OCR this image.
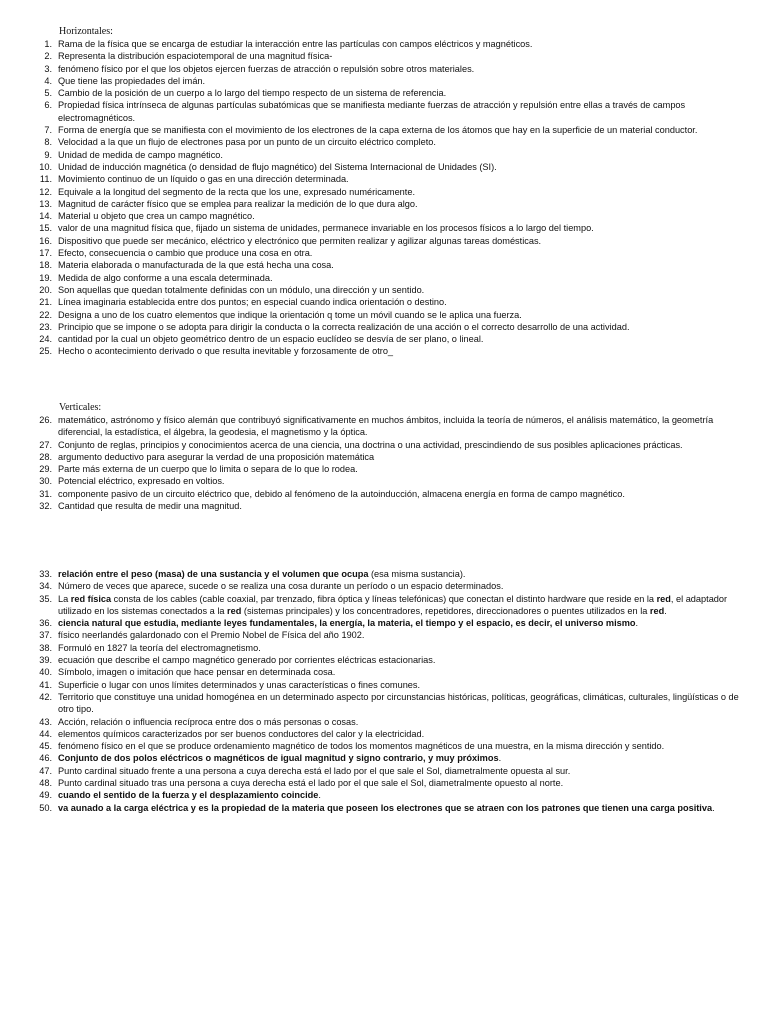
Horizontales:
1. Rama de la física que se encarga de estudiar la interacción entre las partículas con campos eléctricos y magnéticos.
2. Representa la distribución espaciotemporal de una magnitud física-
3. fenómeno físico por el que los objetos ejercen fuerzas de atracción o repulsión sobre otros materiales.
4. Que tiene las propiedades del imán.
5. Cambio de la posición de un cuerpo a lo largo del tiempo respecto de un sistema de referencia.
6. Propiedad física intrínseca de algunas partículas subatómicas que se manifiesta mediante fuerzas de atracción y repulsión entre ellas a través de campos electromagnéticos.
7. Forma de energía que se manifiesta con el movimiento de los electrones de la capa externa de los átomos que hay en la superficie de un material conductor.
8. Velocidad a la que un flujo de electrones pasa por un punto de un circuito eléctrico completo.
9. Unidad de medida de campo magnético.
10. Unidad de inducción magnética (o densidad de flujo magnético) del Sistema Internacional de Unidades (SI).
11. Movimiento continuo de un líquido o gas en una dirección determinada.
12. Equivale a la longitud del segmento de la recta que los une, expresado numéricamente.
13. Magnitud de carácter físico que se emplea para realizar la medición de lo que dura algo.
14. Material u objeto que crea un campo magnético.
15. valor de una magnitud física que, fijado un sistema de unidades, permanece invariable en los procesos físicos a lo largo del tiempo.
16. Dispositivo que puede ser mecánico, eléctrico y electrónico que permiten realizar y agilizar algunas tareas domésticas.
17. Efecto, consecuencia o cambio que produce una cosa en otra.
18. Materia elaborada o manufacturada de la que está hecha una cosa.
19. Medida de algo conforme a una escala determinada.
20. Son aquellas que quedan totalmente definidas con un módulo, una dirección y un sentido.
21. Línea imaginaria establecida entre dos puntos; en especial cuando indica orientación o destino.
22. Designa a uno de los cuatro elementos que indique la orientación q tome un móvil cuando se le aplica una fuerza.
23. Principio que se impone o se adopta para dirigir la conducta o la correcta realización de una acción o el correcto desarrollo de una actividad.
24. cantidad por la cual un objeto geométrico dentro de un espacio euclídeo se desvía de ser plano, o lineal.
25. Hecho o acontecimiento derivado o que resulta inevitable y forzosamente de otro_
Verticales:
26. matemático, astrónomo y físico alemán que contribuyó significativamente en muchos ámbitos, incluida la teoría de números, el análisis matemático, la geometría diferencial, la estadística, el álgebra, la geodesia, el magnetismo y la óptica.
27. Conjunto de reglas, principios y conocimientos acerca de una ciencia, una doctrina o una actividad, prescindiendo de sus posibles aplicaciones prácticas.
28. argumento deductivo para asegurar la verdad de una proposición matemática
29. Parte más externa de un cuerpo que lo limita o separa de lo que lo rodea.
30. Potencial eléctrico, expresado en voltios.
31. componente pasivo de un circuito eléctrico que, debido al fenómeno de la autoinducción, almacena energía en forma de campo magnético.
32. Cantidad que resulta de medir una magnitud.
33. relación entre el peso (masa) de una sustancia y el volumen que ocupa (esa misma sustancia).
34. Número de veces que aparece, sucede o se realiza una cosa durante un período o un espacio determinados.
35. La red física consta de los cables (cable coaxial, par trenzado, fibra óptica y líneas telefónicas) que conectan el distinto hardware que reside en la red, el adaptador utilizado en los sistemas conectados a la red (sistemas principales) y los concentradores, repetidores, direccionadores o puentes utilizados en la red.
36. ciencia natural que estudia, mediante leyes fundamentales, la energía, la materia, el tiempo y el espacio, es decir, el universo mismo.
37. físico neerlandés galardonado con el Premio Nobel de Física del año 1902.
38. Formuló en 1827 la teoría del electromagnetismo.
39. ecuación que describe el campo magnético generado por corrientes eléctricas estacionarias.
40. Símbolo, imagen o imitación que hace pensar en determinada cosa.
41. Superficie o lugar con unos límites determinados y unas características o fines comunes.
42. Territorio que constituye una unidad homogénea en un determinado aspecto por circunstancias históricas, políticas, geográficas, climáticas, culturales, lingüísticas o de otro tipo.
43. Acción, relación o influencia recíproca entre dos o más personas o cosas.
44. elementos químicos caracterizados por ser buenos conductores del calor y la electricidad.
45. fenómeno físico en el que se produce ordenamiento magnético de todos los momentos magnéticos de una muestra, en la misma dirección y sentido.
46. Conjunto de dos polos eléctricos o magnéticos de igual magnitud y signo contrario, y muy próximos.
47. Punto cardinal situado frente a una persona a cuya derecha está el lado por el que sale el Sol, diametralmente opuesta al sur.
48. Punto cardinal situado tras una persona a cuya derecha está el lado por el que sale el Sol, diametralmente opuesto al norte.
49. cuando el sentido de la fuerza y el desplazamiento coincide.
50. va aunado a la carga eléctrica y es la propiedad de la materia que poseen los electrones que se atraen con los patrones que tienen una carga positiva.
